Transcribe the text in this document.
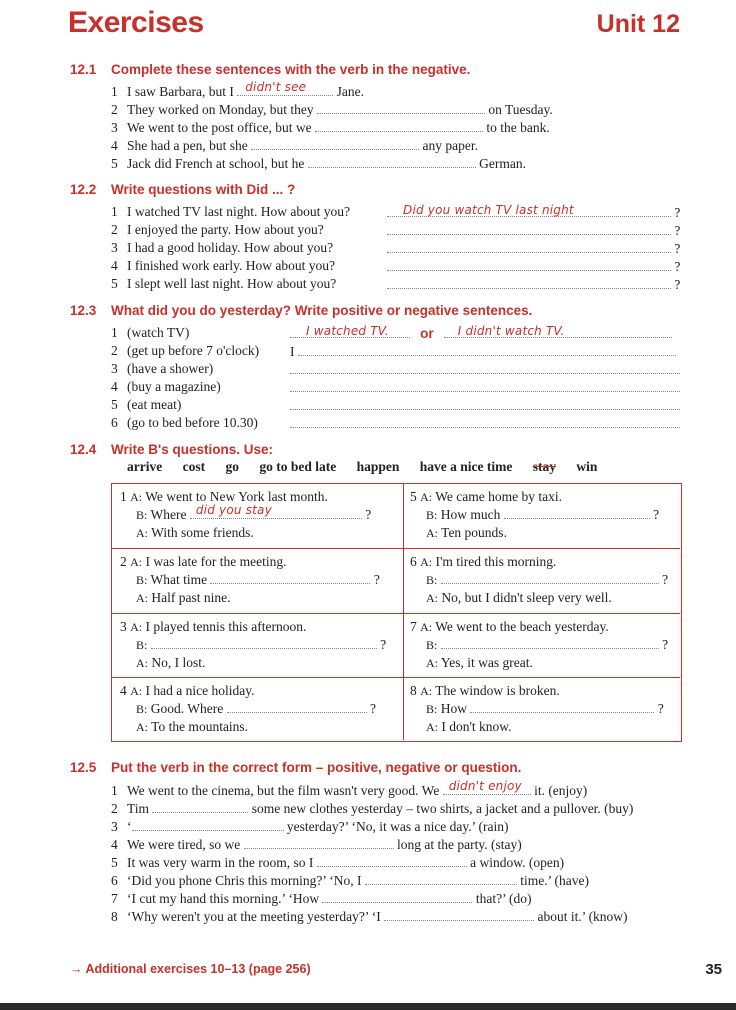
Exercises	Unit 12
12.1 Complete these sentences with the verb in the negative.
1 I saw Barbara, but I didn't see Jane.
2 They worked on Monday, but they	on Tuesday.
3 We went to the post office, but we	to the bank.
4 She had a pen, but she	any paper.
5 Jack did French at school, but he	German.
12.2 Write questions with Did ... ?
1 I watched TV last night. How about you?	Did you watch TV last night	?
2 I enjoyed the party. How about you?	?
3 I had a good holiday. How about you?	?
4 I finished work early. How about you?	?
5 I slept well last night. How about you?	?
12.3 What did you do yesterday? Write positive or negative sentences.
1 (watch TV)	I watched TV. or I didn't watch TV.
2 (get up before 7 o'clock) I
3 (have a shower)
4 (buy a magazine)
5 (eat meat)
6 (go to bed before 10.30)
12.4 Write B's questions. Use:
arrive cost go go to bed late happen have a nice time stay win
1 A: We went to New York last month.
B: Where did you stay	?
A: With some friends.
5 A: We came home by taxi.
B: How much	?
A: Ten pounds.
2 A: I was late for the meeting.
B: What time	?
A: Half past nine.
6 A: I'm tired this morning.
B:	?
A: No, but I didn't sleep very well.
3 A: I played tennis this afternoon.
B:	?
A: No, I lost.
7 A: We went to the beach yesterday.
B:	?
A: Yes, it was great.
4 A: I had a nice holiday.
B: Good. Where	?
A: To the mountains.
8 A: The window is broken.
B: How	?
A: I don't know.
12.5 Put the verb in the correct form – positive, negative or question.
1 We went to the cinema, but the film wasn't very good. We didn't enjoy it. (enjoy)
2 Tim	some new clothes yesterday – two shirts, a jacket and a pullover. (buy)
3 ‘	yesterday?’ ‘No, it was a nice day.’ (rain)
4 We were tired, so we	long at the party. (stay)
5 It was very warm in the room, so I	a window. (open)
6 ‘Did you phone Chris this morning?’ ‘No, I	time.’ (have)
7 ‘I cut my hand this morning.’ ‘How	that?’ (do)
8 ‘Why weren't you at the meeting yesterday?’ ‘I	about it.’ (know)
→ Additional exercises 10–13 (page 256)	35
